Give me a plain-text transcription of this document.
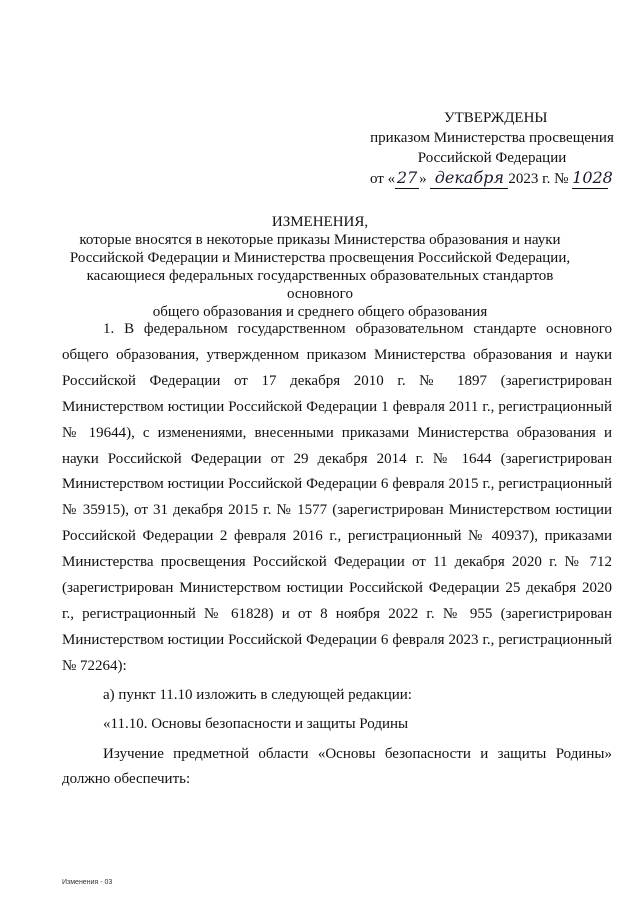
УТВЕРЖДЕНЫ
приказом Министерства просвещения
Российской Федерации
от « 27 » декабря 2023 г. № 1028
ИЗМЕНЕНИЯ,
которые вносятся в некоторые приказы Министерства образования и науки
Российской Федерации и Министерства просвещения Российской Федерации,
касающиеся федеральных государственных образовательных стандартов основного
общего образования и среднего общего образования

1. В федеральном государственном образовательном стандарте основного общего образования, утвержденном приказом Министерства образования и науки Российской Федерации от 17 декабря 2010 г. № 1897 (зарегистрирован Министерством юстиции Российской Федерации 1 февраля 2011 г., регистрационный № 19644), с изменениями, внесенными приказами Министерства образования и науки Российской Федерации от 29 декабря 2014 г. № 1644 (зарегистрирован Министерством юстиции Российской Федерации 6 февраля 2015 г., регистрационный № 35915), от 31 декабря 2015 г. № 1577 (зарегистрирован Министерством юстиции Российской Федерации 2 февраля 2016 г., регистрационный № 40937), приказами Министерства просвещения Российской Федерации от 11 декабря 2020 г. № 712 (зарегистрирован Министерством юстиции Российской Федерации 25 декабря 2020 г., регистрационный № 61828) и от 8 ноября 2022 г. № 955 (зарегистрирован Министерством юстиции Российской Федерации 6 февраля 2023 г., регистрационный № 72264):

а) пункт 11.10 изложить в следующей редакции:

«11.10. Основы безопасности и защиты Родины

Изучение предметной области «Основы безопасности и защиты Родины» должно обеспечить:

Изменения - 03
